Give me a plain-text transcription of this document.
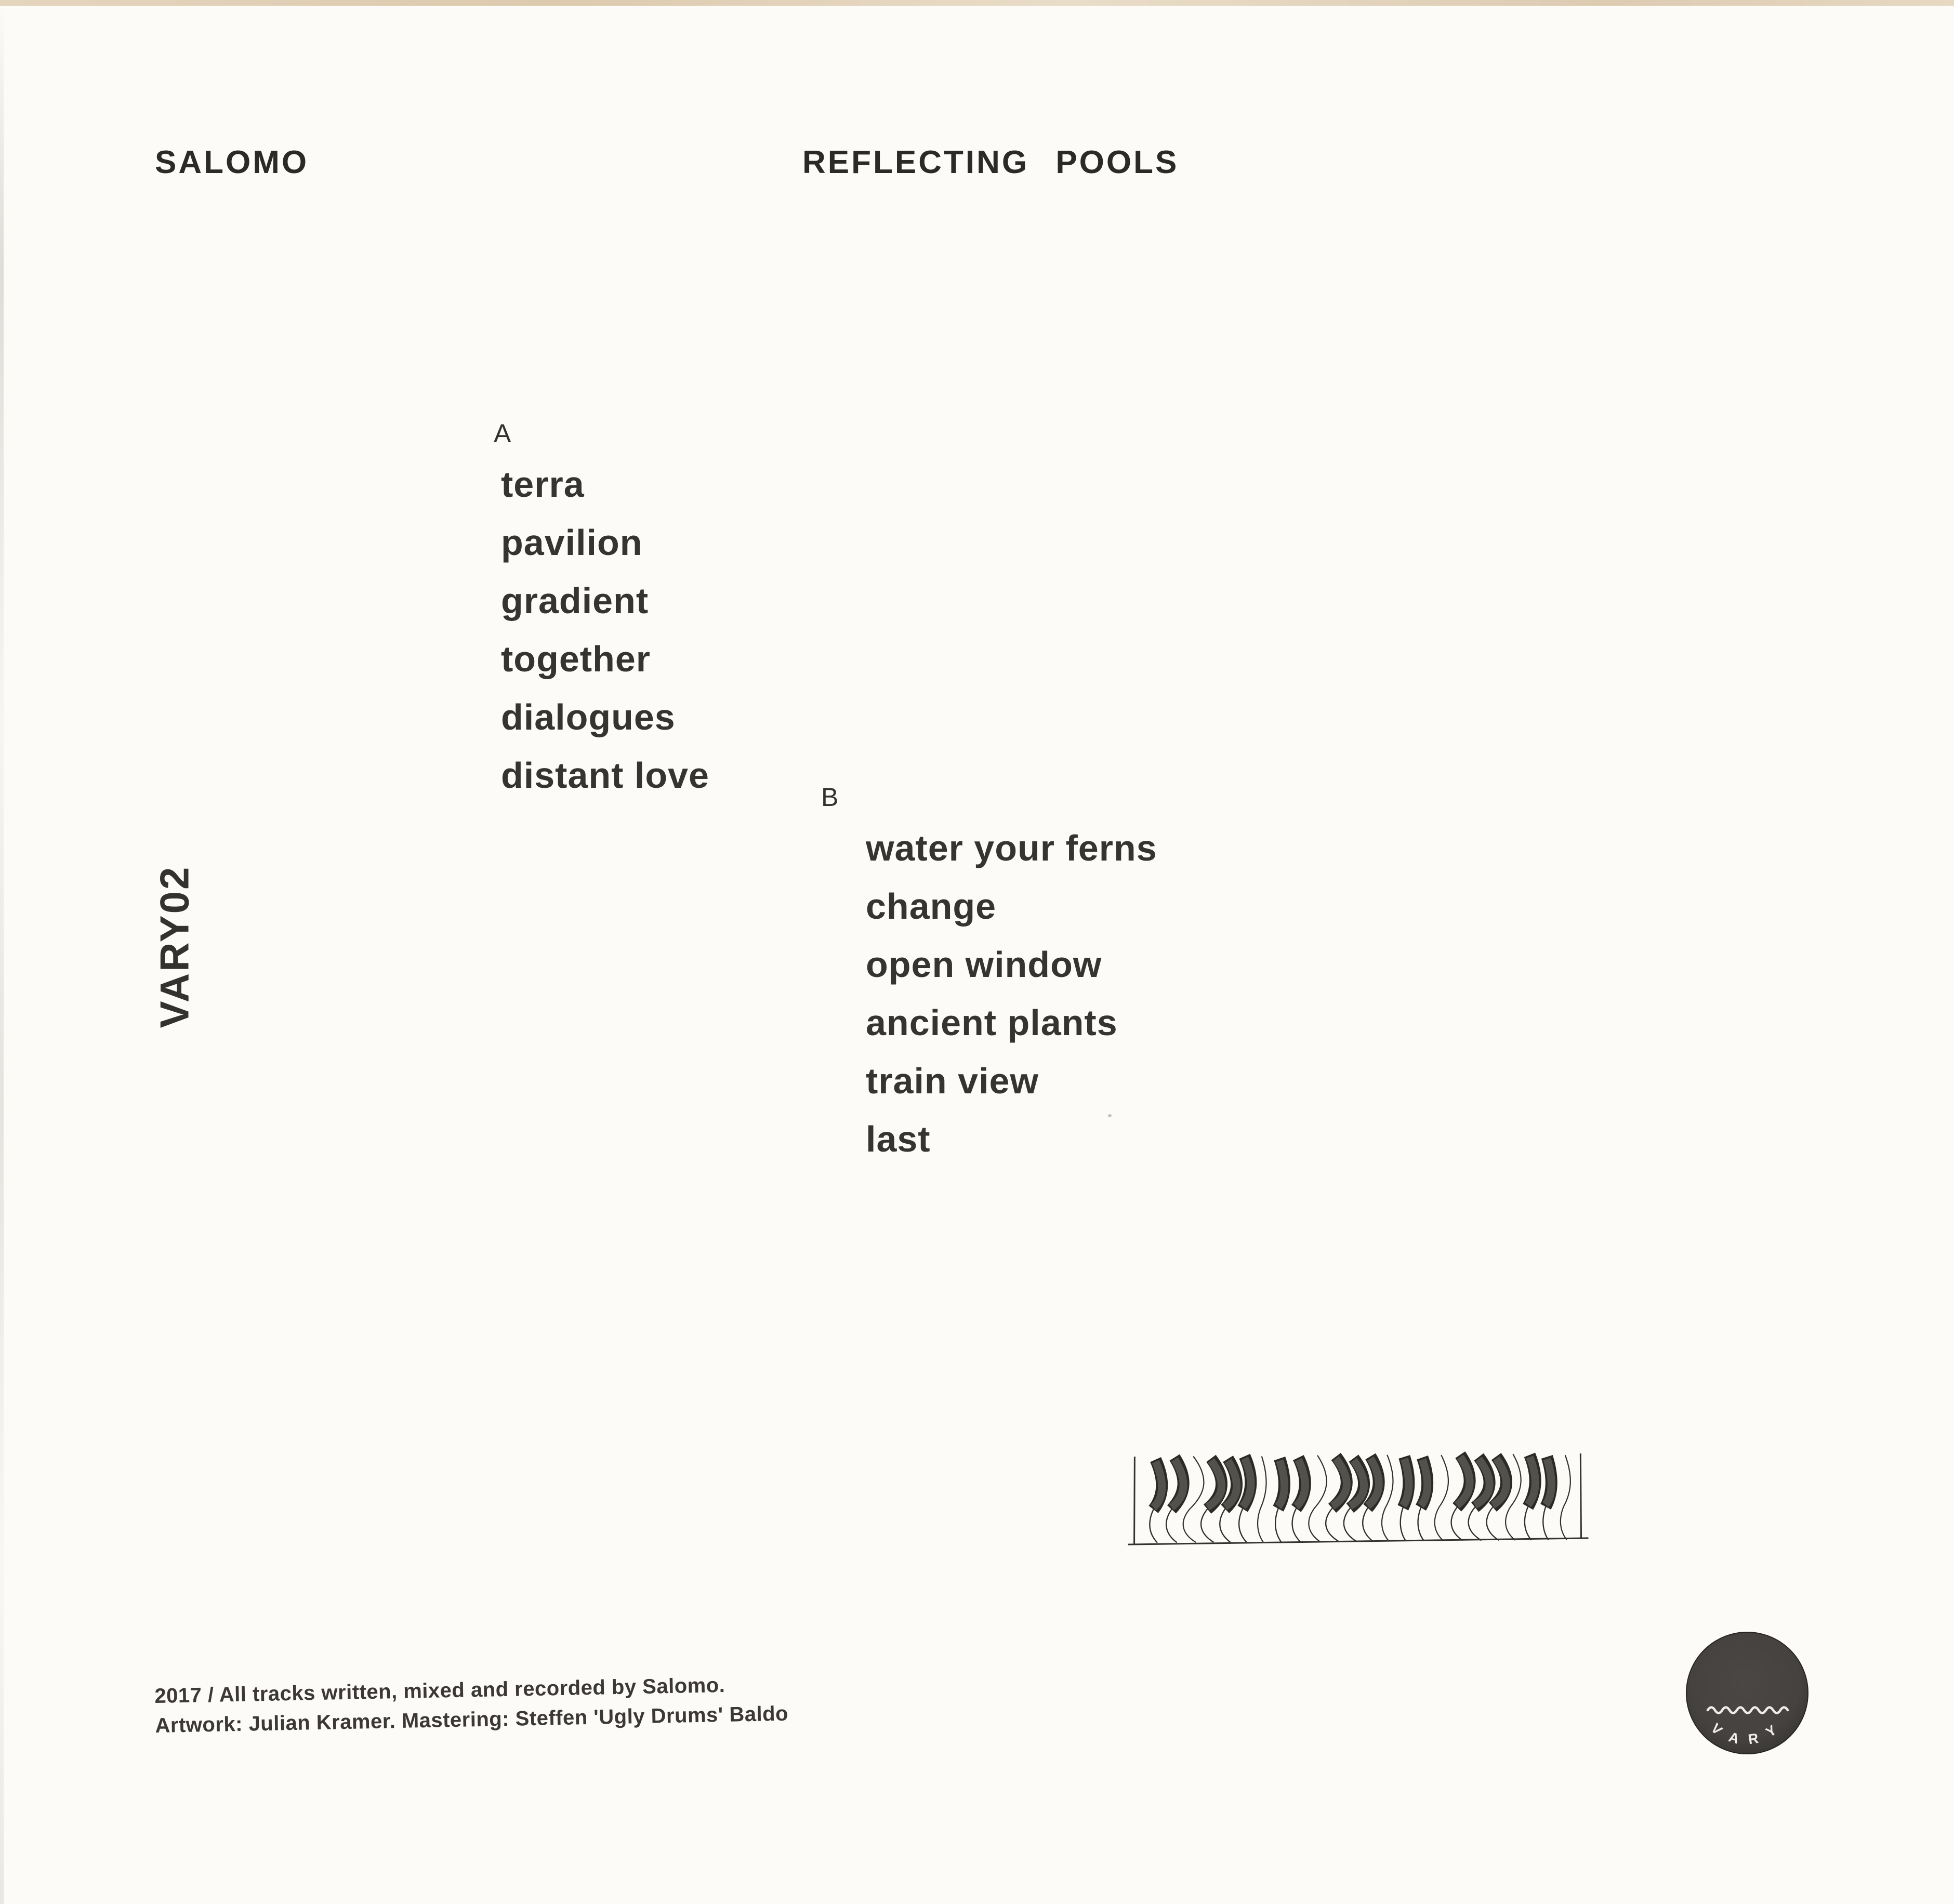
SALOMO	REFLECTING POOLS
A
terra
pavilion
gradient
together
dialogues
distant love
B
water your ferns
change
open window
ancient plants
train view
last
VARY02
2017 / All tracks written, mixed and recorded by Salomo.
Artwork: Julian Kramer. Mastering: Steffen 'Ugly Drums' Baldo	V A R Y
